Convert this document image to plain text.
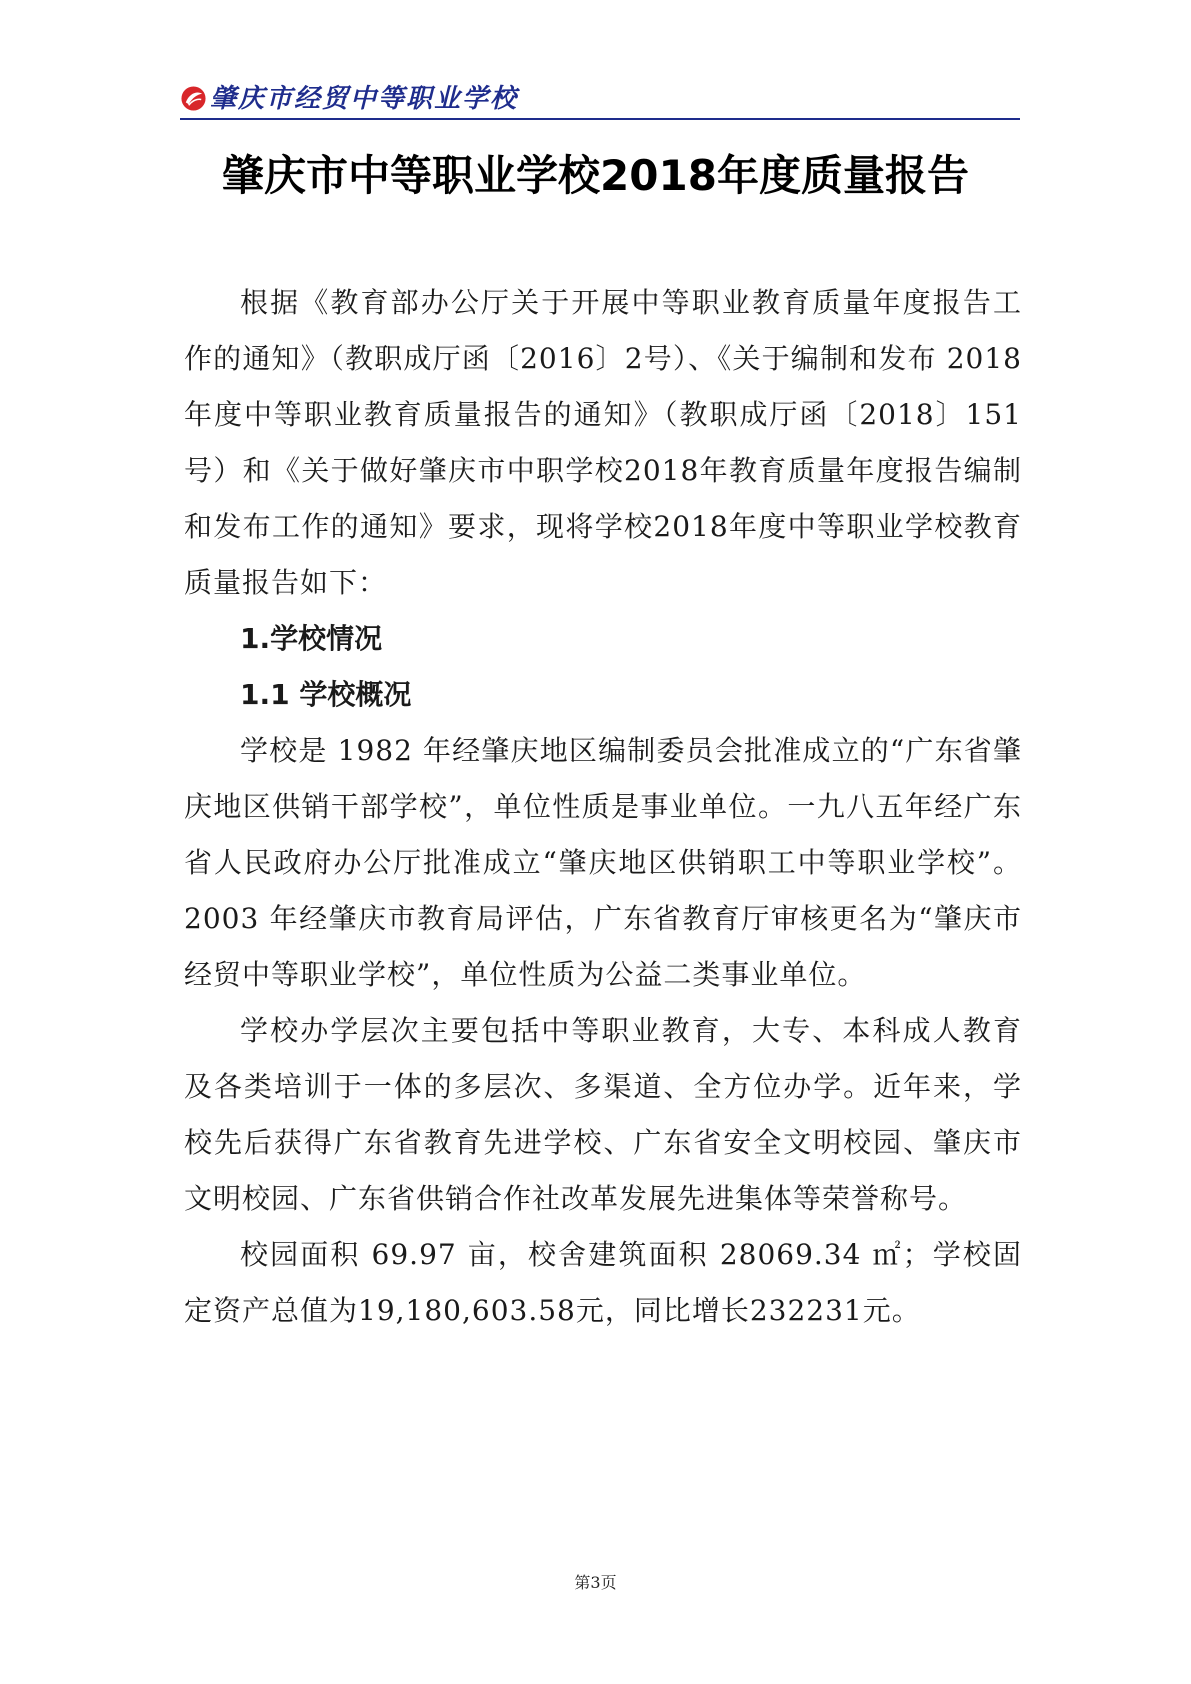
肇庆市经贸中等职业学校
肇庆市中等职业学校2018年度质量报告

根据《教育部办公厅关于开展中等职业教育质量年度报告工作的通知》（教职成厅函〔2016〕2号）、《关于编制和发布 2018 年度中等职业教育质量报告的通知》（教职成厅函〔2018〕151号）和《关于做好肇庆市中职学校2018年教育质量年度报告编制和发布工作的通知》要求，现将学校2018年度中等职业学校教育质量报告如下：

1.学校情况
1.1 学校概况

学校是 1982 年经肇庆地区编制委员会批准成立的“广东省肇庆地区供销干部学校”，单位性质是事业单位。一九八五年经广东省人民政府办公厅批准成立“肇庆地区供销职工中等职业学校”。2003 年经肇庆市教育局评估，广东省教育厅审核更名为“肇庆市经贸中等职业学校”，单位性质为公益二类事业单位。

学校办学层次主要包括中等职业教育，大专、本科成人教育及各类培训于一体的多层次、多渠道、全方位办学。近年来，学校先后获得广东省教育先进学校、广东省安全文明校园、肇庆市文明校园、广东省供销合作社改革发展先进集体等荣誉称号。

校园面积 69.97 亩，校舍建筑面积 28069.34 ㎡；学校固定资产总值为19,180,603.58元，同比增长232231元。

第3页
